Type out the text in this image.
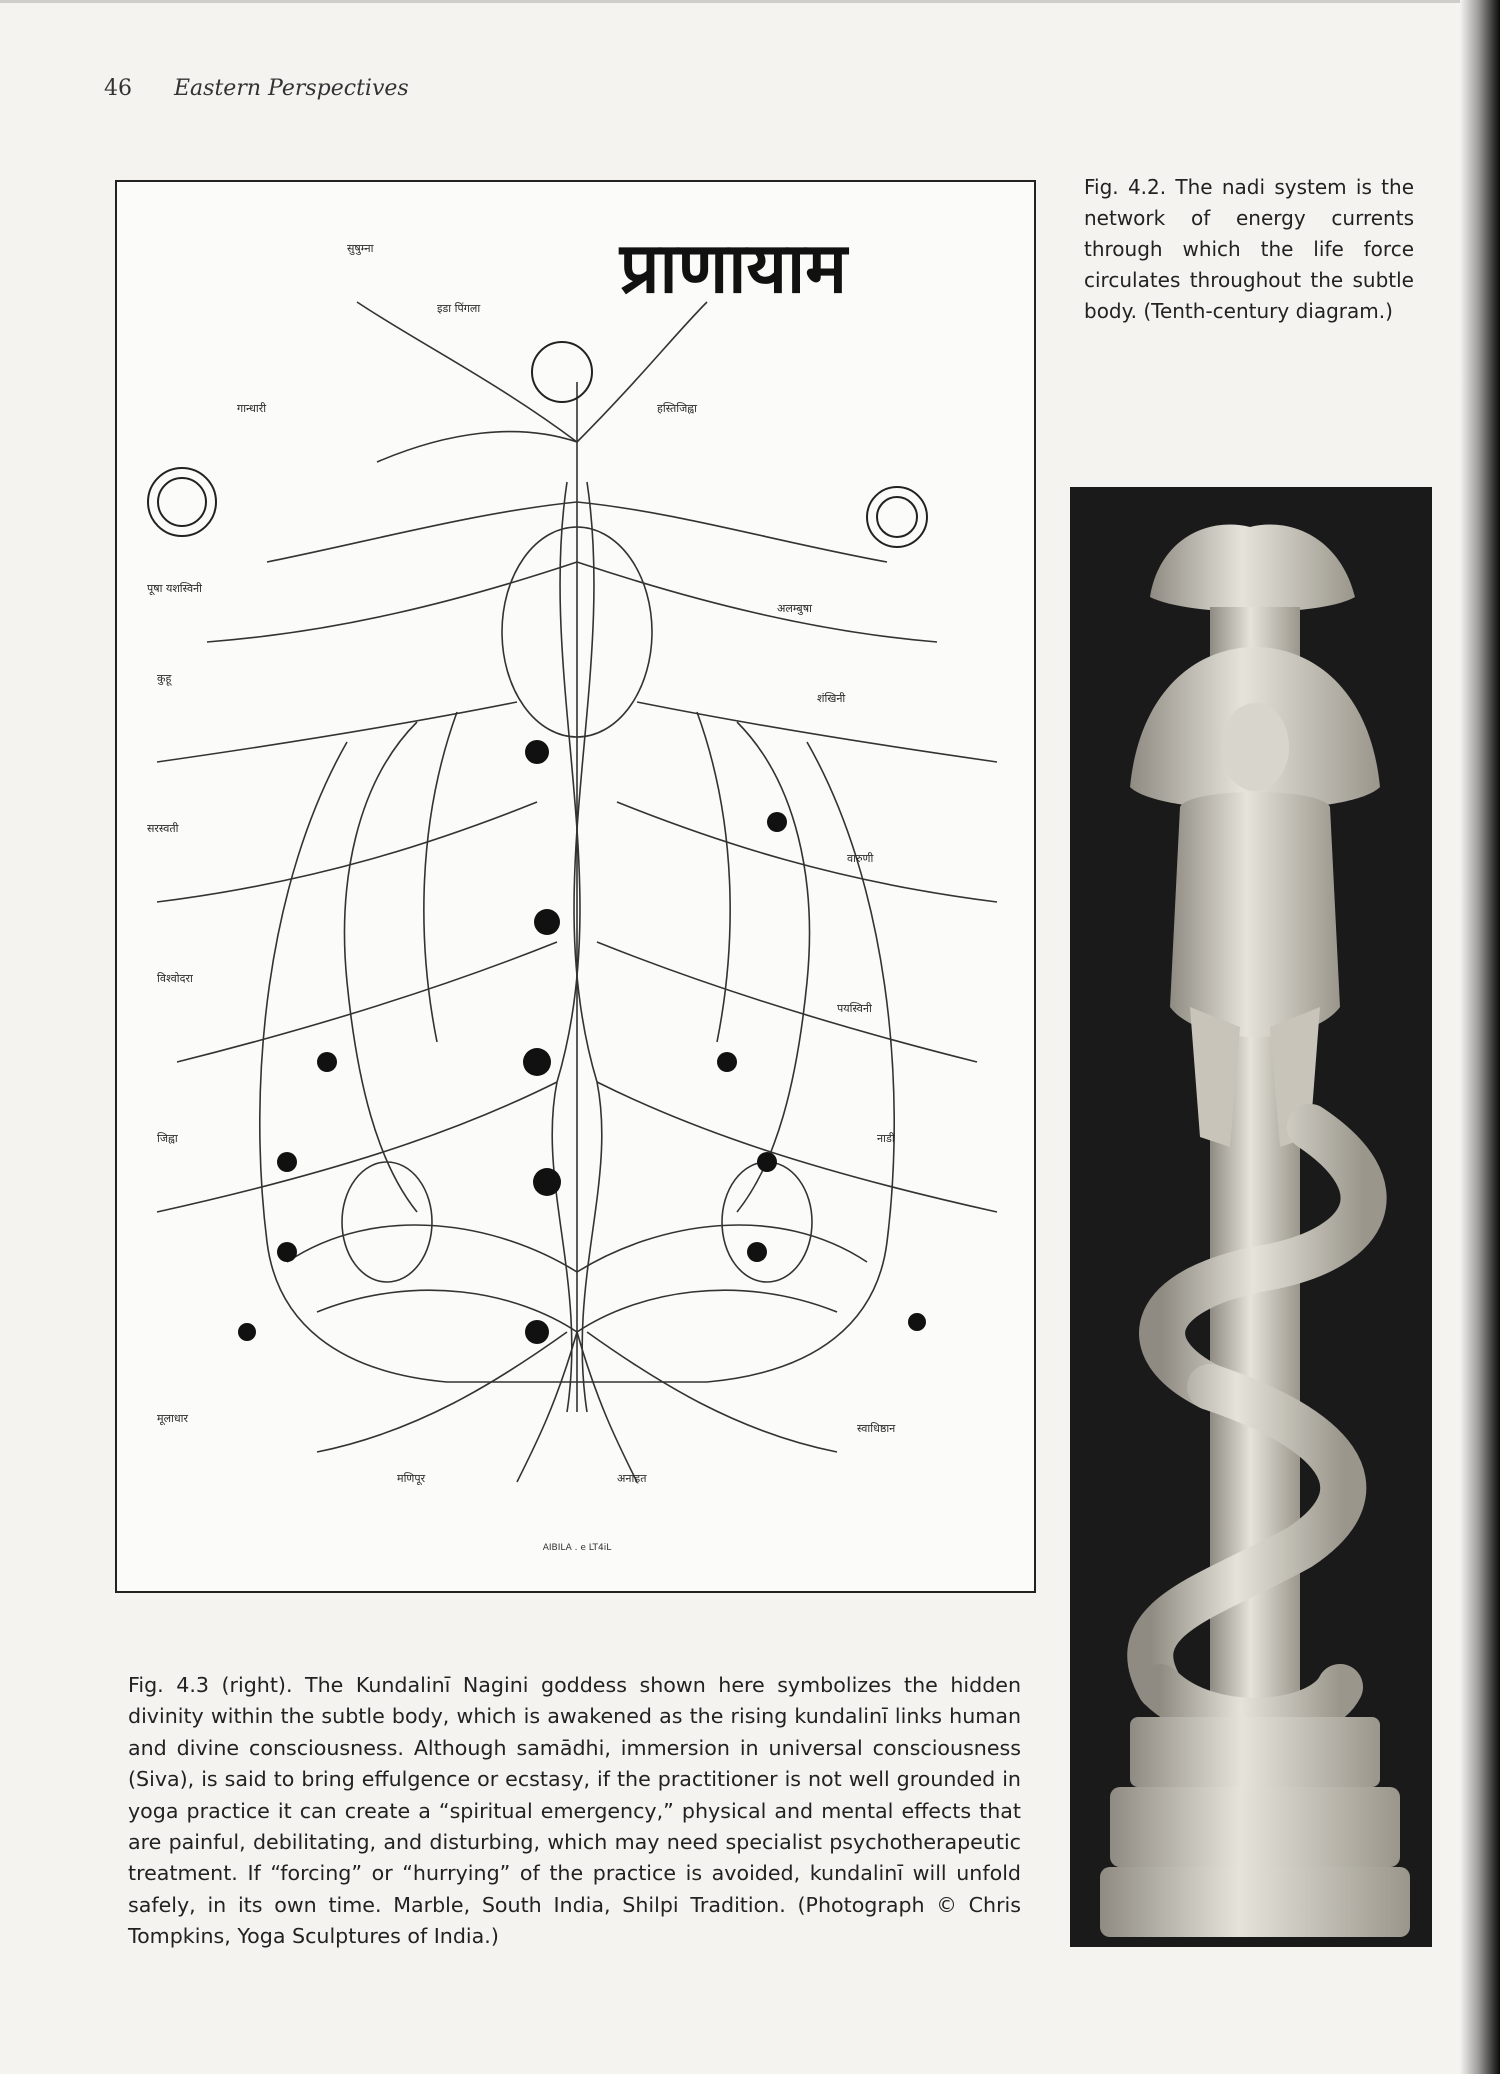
46 Eastern Perspectives
प्राणायाम
सुषुम्ना
इडा पिंगला
गान्धारी	हस्तिजिह्वा
पूषा यशस्विनी
अलम्बुषा
कुहू
शंखिनी
सरस्वती
वारुणी
विश्वोदरा
पयस्विनी
जिह्वा	नाडी
मूलाधार
स्वाधिष्ठान
मणिपूर	अनाहत
AIBILA . e LT4iL
Fig. 4.2. The nadi system is the network of energy currents through which the life force circulates throughout the subtle body. (Tenth-century diagram.)
Fig. 4.3 (right). The Kundalinī Nagini goddess shown here symbolizes the hidden divinity within the subtle body, which is awakened as the rising kundalinī links human and divine consciousness. Although samādhi, immersion in universal consciousness (Siva), is said to bring effulgence or ecstasy, if the practitioner is not well grounded in yoga practice it can create a “spiritual emergency,” physical and mental effects that are painful, debilitating, and disturbing, which may need specialist psychotherapeutic treatment. If “forcing” or “hurrying” of the practice is avoided, kundalinī will unfold safely, in its own time. Marble, South India, Shilpi Tradition. (Photograph © Chris Tompkins, Yoga Sculptures of India.)
